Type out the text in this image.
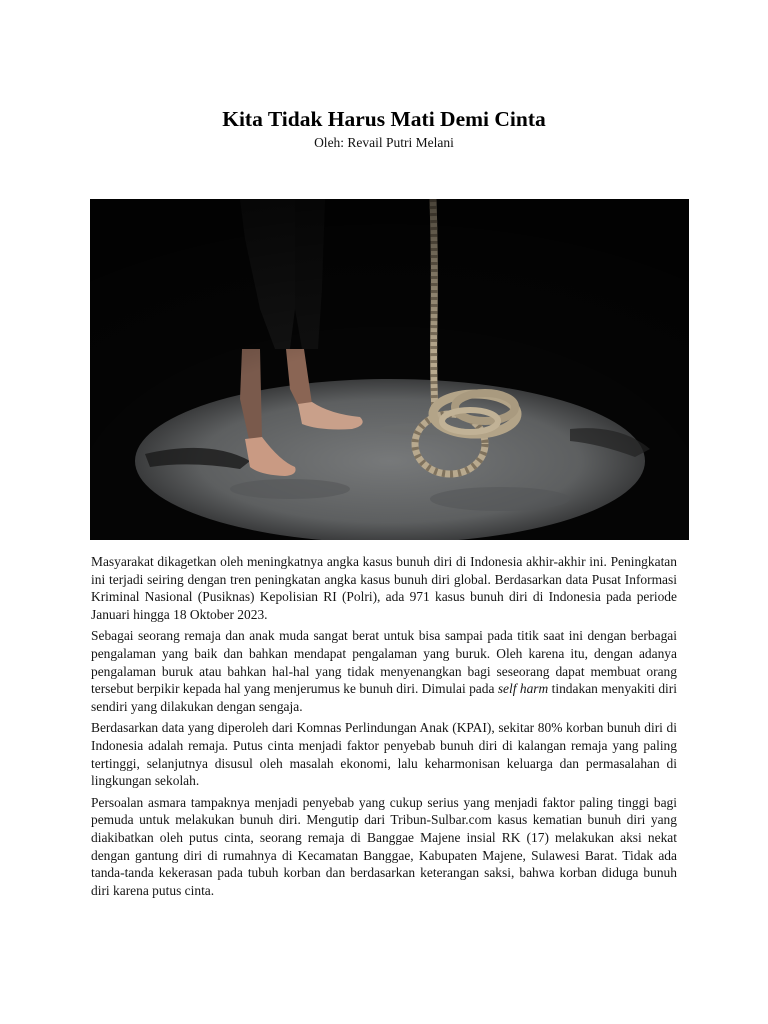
Kita Tidak Harus Mati Demi Cinta
Oleh: Revail Putri Melani

Masyarakat dikagetkan oleh meningkatnya angka kasus bunuh diri di Indonesia akhir-akhir ini. Peningkatan ini terjadi seiring dengan tren peningkatan angka kasus bunuh diri global. Berdasarkan data Pusat Informasi Kriminal Nasional (Pusiknas) Kepolisian RI (Polri), ada 971 kasus bunuh diri di Indonesia pada periode Januari hingga 18 Oktober 2023.

Sebagai seorang remaja dan anak muda sangat berat untuk bisa sampai pada titik saat ini dengan berbagai pengalaman yang baik dan bahkan mendapat pengalaman yang buruk. Oleh karena itu, dengan adanya pengalaman buruk atau bahkan hal-hal yang tidak menyenangkan bagi seseorang dapat membuat orang tersebut berpikir kepada hal yang menjerumus ke bunuh diri. Dimulai pada self harm tindakan menyakiti diri sendiri yang dilakukan dengan sengaja.

Berdasarkan data yang diperoleh dari Komnas Perlindungan Anak (KPAI), sekitar 80% korban bunuh diri di Indonesia adalah remaja. Putus cinta menjadi faktor penyebab bunuh diri di kalangan remaja yang paling tertinggi, selanjutnya disusul oleh masalah ekonomi, lalu keharmonisan keluarga dan permasalahan di lingkungan sekolah.

Persoalan asmara tampaknya menjadi penyebab yang cukup serius yang menjadi faktor paling tinggi bagi pemuda untuk melakukan bunuh diri. Mengutip dari Tribun-Sulbar.com kasus kematian bunuh diri yang diakibatkan oleh putus cinta, seorang remaja di Banggae Majene insial RK (17) melakukan aksi nekat dengan gantung diri di rumahnya di Kecamatan Banggae, Kabupaten Majene, Sulawesi Barat. Tidak ada tanda-tanda kekerasan pada tubuh korban dan berdasarkan keterangan saksi, bahwa korban diduga bunuh diri karena putus cinta.
